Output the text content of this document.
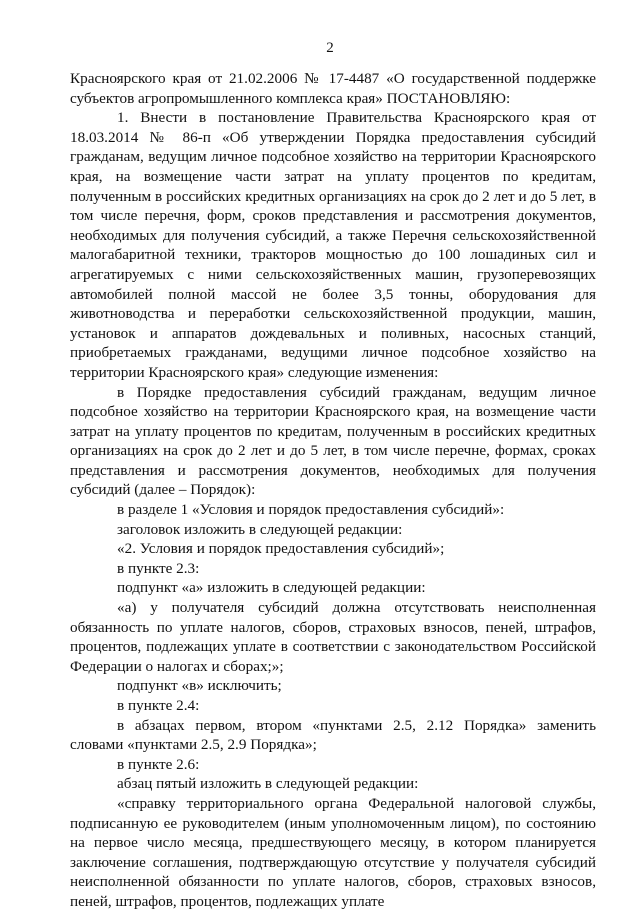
2

Красноярского края от 21.02.2006 № 17-4487 «О государственной поддержке субъектов агропромышленного комплекса края» ПОСТАНОВЛЯЮ:

1. Внести в постановление Правительства Красноярского края от 18.03.2014 № 86-п «Об утверждении Порядка предоставления субсидий гражданам, ведущим личное подсобное хозяйство на территории Красноярского края, на возмещение части затрат на уплату процентов по кредитам, полученным в российских кредитных организациях на срок до 2 лет и до 5 лет, в том числе перечня, форм, сроков представления и рассмотрения документов, необходимых для получения субсидий, а также Перечня сельскохозяйственной малогабаритной техники, тракторов мощностью до 100 лошадиных сил и агрегатируемых с ними сельскохозяйственных машин, грузоперевозящих автомобилей полной массой не более 3,5 тонны, оборудования для животноводства и переработки сельскохозяйственной продукции, машин, установок и аппаратов дождевальных и поливных, насосных станций, приобретаемых гражданами, ведущими личное подсобное хозяйство на территории Красноярского края» следующие изменения:

в Порядке предоставления субсидий гражданам, ведущим личное подсобное хозяйство на территории Красноярского края, на возмещение части затрат на уплату процентов по кредитам, полученным в российских кредитных организациях на срок до 2 лет и до 5 лет, в том числе перечне, формах, сроках представления и рассмотрения документов, необходимых для получения субсидий (далее – Порядок):

в разделе 1 «Условия и порядок предоставления субсидий»:

заголовок изложить в следующей редакции:

«2. Условия и порядок предоставления субсидий»;

в пункте 2.3:

подпункт «а» изложить в следующей редакции:

«а) у получателя субсидий должна отсутствовать неисполненная обязанность по уплате налогов, сборов, страховых взносов, пеней, штрафов, процентов, подлежащих уплате в соответствии с законодательством Российской Федерации о налогах и сборах;»;

подпункт «в» исключить;

в пункте 2.4:

в абзацах первом, втором «пунктами 2.5, 2.12 Порядка» заменить словами «пунктами 2.5, 2.9 Порядка»;

в пункте 2.6:

абзац пятый изложить в следующей редакции:

«справку территориального органа Федеральной налоговой службы, подписанную ее руководителем (иным уполномоченным лицом), по состоянию на первое число месяца, предшествующего месяцу, в котором планируется заключение соглашения, подтверждающую отсутствие у получателя субсидий неисполненной обязанности по уплате налогов, сборов, страховых взносов, пеней, штрафов, процентов, подлежащих уплате
